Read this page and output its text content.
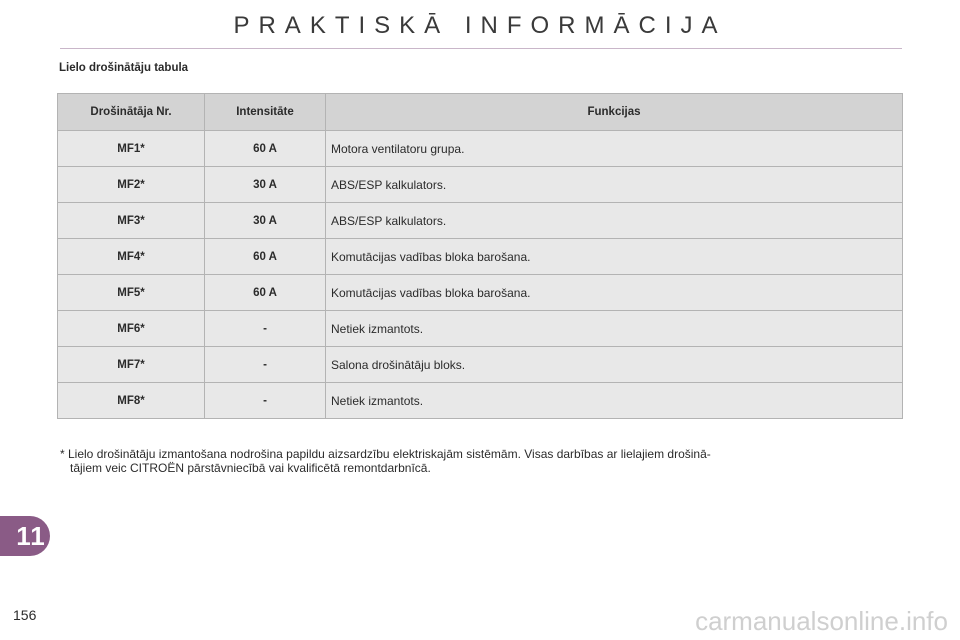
PRAKTISKĀ INFORMĀCIJA
Lielo drošinātāju tabula
Drošinātāja Nr.	Intensitāte	Funkcijas
MF1*	60 A	Motora ventilatoru grupa.
MF2*	30 A	ABS/ESP kalkulators.
MF3*	30 A	ABS/ESP kalkulators.
MF4*	60 A	Komutācijas vadības bloka barošana.
MF5*	60 A	Komutācijas vadības bloka barošana.
MF6*	-	Netiek izmantots.
MF7*	-	Salona drošinātāju bloks.
MF8*	-	Netiek izmantots.
* Lielo drošinātāju izmantošana nodrošina papildu aizsardzību elektriskajām sistēmām. Visas darbības ar lielajiem drošinā-
tājiem veic CITROËN pārstāvniecībā vai kvalificētā remontdarbnīcā.
11
156	carmanualsonline.info
